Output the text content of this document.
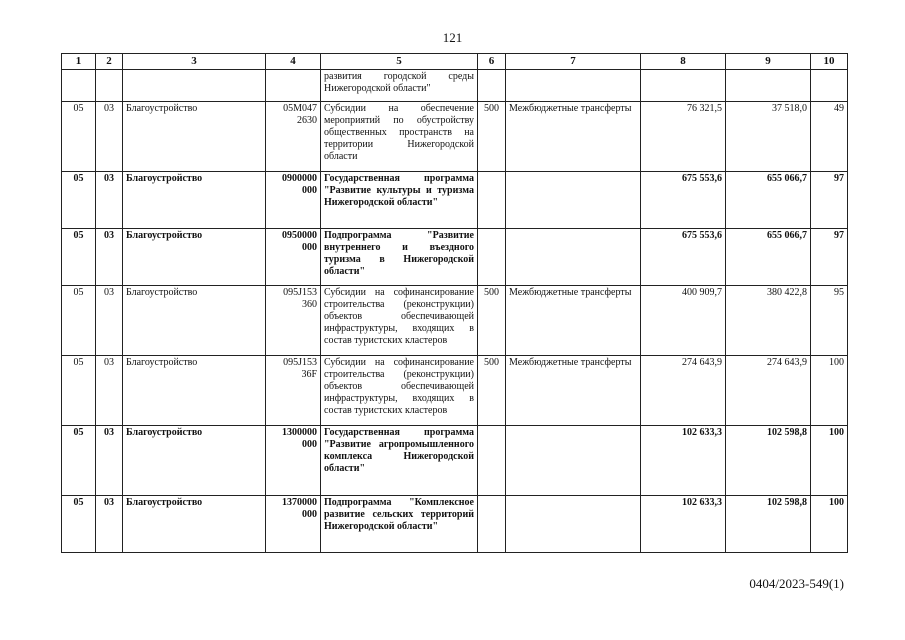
121
1	2	3	4	5	6	7	8	9	10
				развития городской среды Нижегородской области"					
05	03	Благоустройство	05M047 2630	Субсидии на обеспечение мероприятий по обустройству общественных пространств на территории Нижегородской области	500	Межбюджетные трансферты	76 321,5	37 518,0	49
05	03	Благоустройство	0900000 000	Государственная программа "Развитие культуры и туризма Нижегородской области"			675 553,6	655 066,7	97
05	03	Благоустройство	0950000 000	Подпрограмма "Развитие внутреннего и въездного туризма в Нижегородской области"			675 553,6	655 066,7	97
05	03	Благоустройство	095J153 360	Субсидии на софинансирование строительства (реконструкции) объектов обеспечивающей инфраструктуры, входящих в состав туристских кластеров	500	Межбюджетные трансферты	400 909,7	380 422,8	95
05	03	Благоустройство	095J153 36F	Субсидии на софинансирование строительства (реконструкции) объектов обеспечивающей инфраструктуры, входящих в состав туристских кластеров	500	Межбюджетные трансферты	274 643,9	274 643,9	100
05	03	Благоустройство	1300000 000	Государственная программа "Развитие агропромышленного комплекса Нижегородской области"			102 633,3	102 598,8	100
05	03	Благоустройство	1370000 000	Подпрограмма "Комплексное развитие сельских территорий Нижегородской области"			102 633,3	102 598,8	100
0404/2023-549(1)
